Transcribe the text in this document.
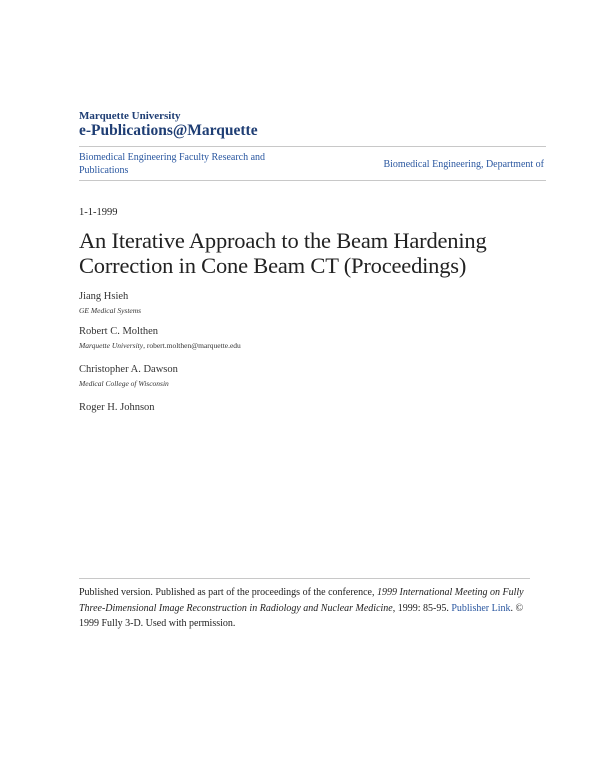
Marquette University
e-Publications@Marquette
Biomedical Engineering Faculty Research and Publications
Biomedical Engineering, Department of
1-1-1999
An Iterative Approach to the Beam Hardening Correction in Cone Beam CT (Proceedings)
Jiang Hsieh
GE Medical Systems
Robert C. Molthen
Marquette University, robert.molthen@marquette.edu
Christopher A. Dawson
Medical College of Wisconsin
Roger H. Johnson
Published version. Published as part of the proceedings of the conference, 1999 International Meeting on Fully Three-Dimensional Image Reconstruction in Radiology and Nuclear Medicine, 1999: 85-95. Publisher Link. © 1999 Fully 3-D. Used with permission.
